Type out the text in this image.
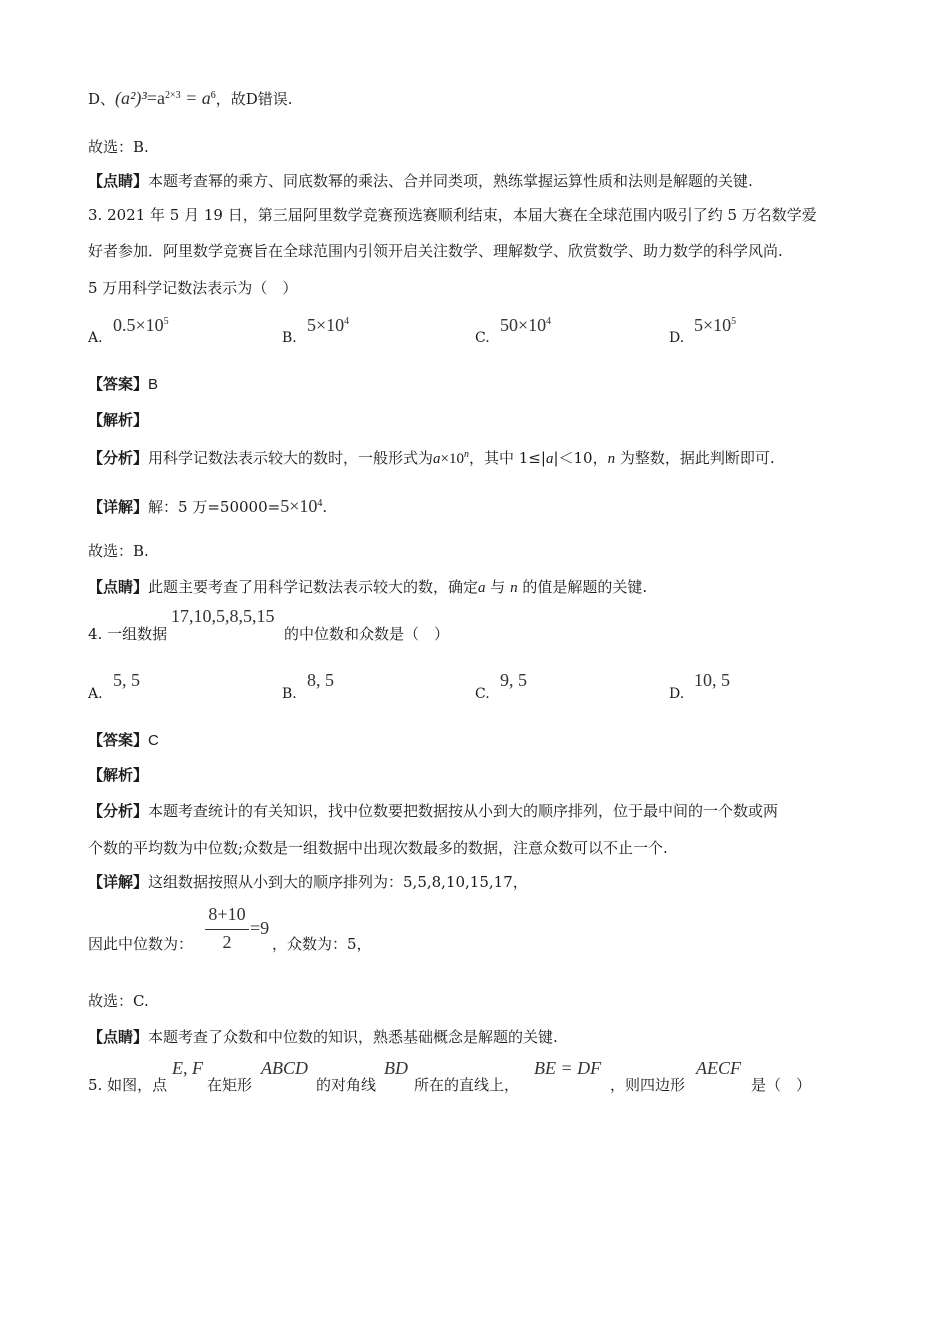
D、$(a^2)^3=a^{2\times 3} = a^6$，故D错误.
故选：B.
【点睛】本题考查幂的乘方、同底数幂的乘法、合并同类项，熟练掌握运算性质和法则是解题的关键.
3. 2021 年 5 月 19 日，第三届阿里数学竞赛预选赛顺利结束，本届大赛在全球范围内吸引了约 5 万名数学爱
好者参加．阿里数学竞赛旨在全球范围内引领开启关注数学、理解数学、欣赏数学、助力数学的科学风尚.
5 万用科学记数法表示为（　）
A.
$0.5\times 10^5$
B.
$5\times 10^4$
C.
$50\times 10^4$
D.
$5\times 10^5$
【答案】B
【解析】
【分析】用科学记数法表示较大的数时，一般形式为$a\times 10^n$，其中 1≤|a|＜10，n 为整数，据此判断即可.
【详解】解：5 万$=50000=5\times 10^4$.
故选：B.
【点睛】此题主要考查了用科学记数法表示较大的数，确定a 与 n 的值是解题的关键.
4. 一组数据
17,10,5,8,5,15
的中位数和众数是（　）
A.
5, 5
B.
8, 5
C.
9, 5
D.
10, 5
【答案】C
【解析】
【分析】本题考查统计的有关知识，找中位数要把数据按从小到大的顺序排列，位于最中间的一个数或两
个数的平均数为中位数;众数是一组数据中出现次数最多的数据，注意众数可以不止一个.
【详解】这组数据按照从小到大的顺序排列为：5,5,8,10,15,17，
因此中位数为：
8+10
2
=9
，众数为：5，
故选：C.
【点睛】本题考查了众数和中位数的知识，熟悉基础概念是解题的关键.
5. 如图，点
E, F
在矩形
ABCD
的对角线
BD
所在的直线上，
BE = DF
，则四边形
AECF
是（　）
